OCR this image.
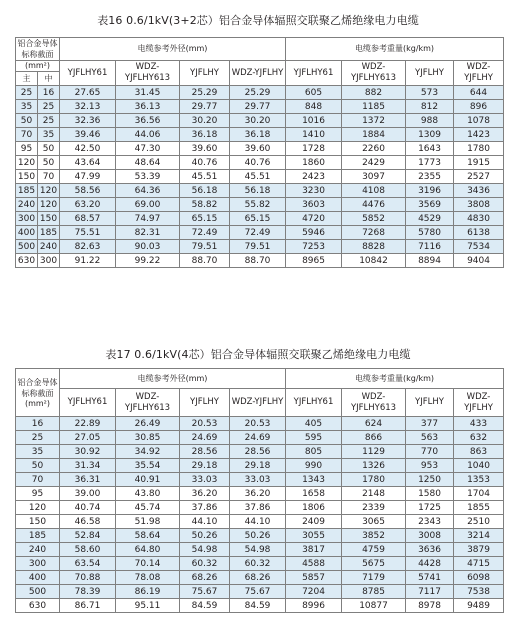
表16 0.6/1kV(3+2芯）铝合金导体辐照交联聚乙烯绝缘电力电缆
铝合金导体
标称截面		电缆参考外径(mm)				电缆参考重量(kg/km)			
(mm²)		YJFLHY61	WDZ-YJFLHY613	YJFLHY	WDZ-YJFLHY	YJFLHY61	WDZ-YJFLHY613	YJFLHY	WDZ-YJFLHY
主	中								
25	16	27.65	31.45	25.29	25.29	605	882	573	644
35	25	32.13	36.13	29.77	29.77	848	1185	812	896
50	25	32.36	36.56	30.20	30.20	1016	1372	988	1078
70	35	39.46	44.06	36.18	36.18	1410	1884	1309	1423
95	50	42.50	47.30	39.60	39.60	1728	2260	1643	1780
120	50	43.64	48.64	40.76	40.76	1860	2429	1773	1915
150	70	47.99	53.39	45.51	45.51	2423	3097	2355	2527
185	120	58.56	64.36	56.18	56.18	3230	4108	3196	3436
240	120	63.20	69.00	58.82	55.82	3603	4476	3569	3808
300	150	68.57	74.97	65.15	65.15	4720	5852	4529	4830
400	185	75.51	82.31	72.49	72.49	5946	7268	5780	6138
500	240	82.63	90.03	79.51	79.51	7253	8828	7116	7534
630	300	91.22	99.22	88.70	88.70	8965	10842	8894	9404
表17 0.6/1kV(4芯）铝合金导体辐照交联聚乙烯绝缘电力电缆
铝合金导体
标称截面
(mm²)	电缆参考外径(mm)				电缆参考重量(kg/km)			
	YJFLHY61	WDZ-YJFLHY613	YJFLHY	WDZ-YJFLHY	YJFLHY61	WDZ-YJFLHY613	YJFLHY	WDZ-YJFLHY
16	22.89	26.49	20.53	20.53	405	624	377	433
25	27.05	30.85	24.69	24.69	595	866	563	632
35	30.92	34.92	28.56	28.56	805	1129	770	863
50	31.34	35.54	29.18	29.18	990	1326	953	1040
70	36.31	40.91	33.03	33.03	1343	1780	1250	1353
95	39.00	43.80	36.20	36.20	1658	2148	1580	1704
120	40.74	45.74	37.86	37.86	1806	2339	1725	1855
150	46.58	51.98	44.10	44.10	2409	3065	2343	2510
185	52.84	58.64	50.26	50.26	3055	3852	3008	3214
240	58.60	64.80	54.98	54.98	3817	4759	3636	3879
300	63.54	70.14	60.32	60.32	4588	5675	4428	4715
400	70.88	78.08	68.26	68.26	5857	7179	5741	6098
500	78.39	86.19	75.67	75.67	7204	8785	7117	7538
630	86.71	95.11	84.59	84.59	8996	10877	8978	9489
